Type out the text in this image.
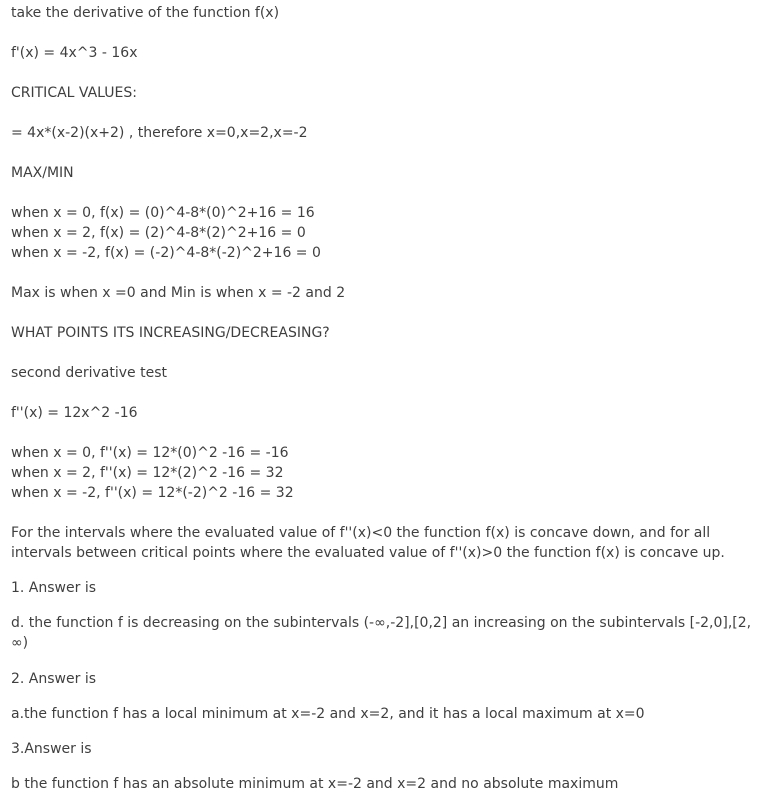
take the derivative of the function f(x)
f'(x) = 4x^3 - 16x
CRITICAL VALUES:
= 4x*(x-2)(x+2) , therefore x=0,x=2,x=-2
MAX/MIN
when x = 0, f(x) = (0)^4-8*(0)^2+16 = 16
when x = 2, f(x) = (2)^4-8*(2)^2+16 = 0
when x = -2, f(x) = (-2)^4-8*(-2)^2+16 = 0
Max is when x =0 and Min is when x = -2 and 2
WHAT POINTS ITS INCREASING/DECREASING?
second derivative test
f''(x) = 12x^2 -16
when x = 0, f''(x) = 12*(0)^2 -16 = -16
when x = 2, f''(x) = 12*(2)^2 -16 = 32
when x = -2, f''(x) = 12*(-2)^2 -16 = 32
For the intervals where the evaluated value of f''(x)<0 the function f(x) is concave down, and for all intervals between critical points where the evaluated value of f''(x)>0 the function f(x) is concave up.
1. Answer is
d. the function f is decreasing on the subintervals (-∞,-2],[0,2] an increasing on the subintervals [-2,0],[2, ∞)
2. Answer is
a.the function f has a local minimum at x=-2 and x=2, and it has a local maximum at x=0
3.Answer is
b the function f has an absolute minimum at x=-2 and x=2 and no absolute maximum
